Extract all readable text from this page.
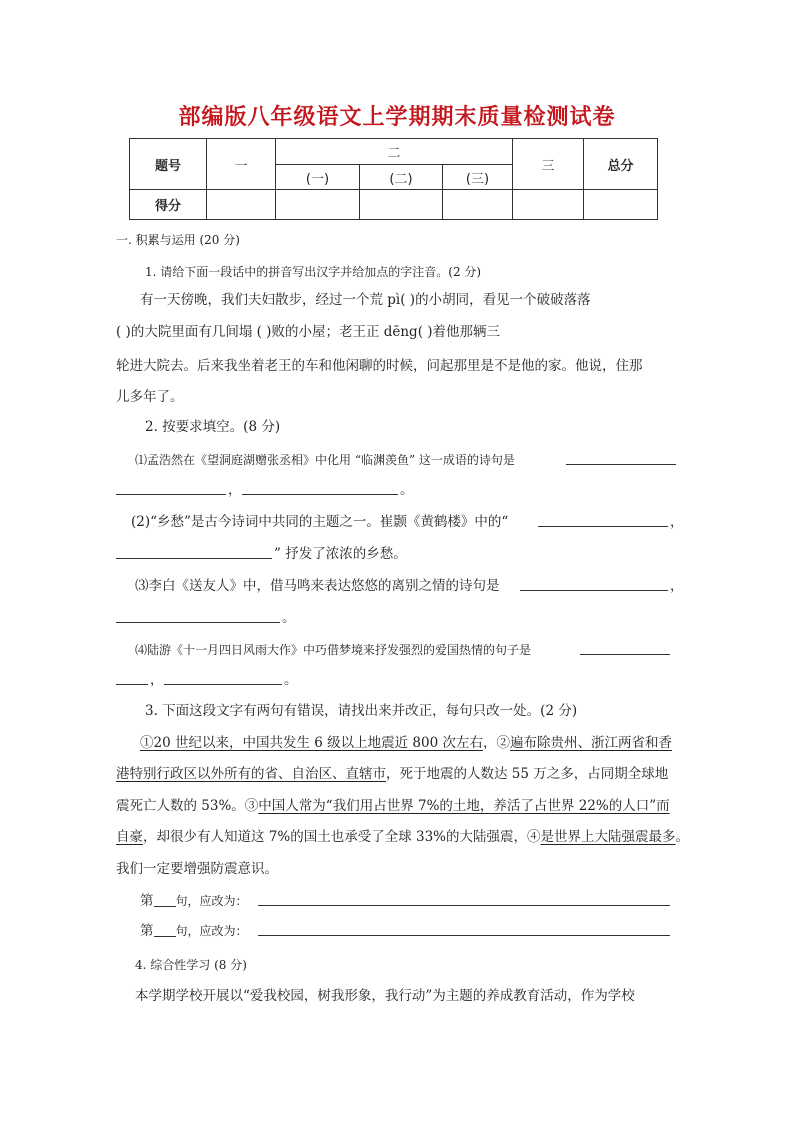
部编版八年级语文上学期期末质量检测试卷
题号	一	二			三	总分
		(一)	(二)	(三)		
得分						
一. 积累与运用 (20 分)
1. 请给下面一段话中的拼音写出汉字并给加点的字注音。(2 分)
有一天傍晚，我们夫妇散步，经过一个荒 pì( )的小胡同，看见一个破破落落
( )的大院里面有几间塌 ( )败的小屋；老王正 dēng( )着他那辆三
轮进大院去。后来我坐着老王的车和他闲聊的时候，问起那里是不是他的家。他说，住那
儿多年了。
2. 按要求填空。(8 分)
⑴孟浩然在《望洞庭湖赠张丞相》中化用 “临渊羡鱼” 这一成语的诗句是
，	。
(2)“乡愁”是古今诗词中共同的主题之一。崔颢《黄鹤楼》中的“	，
” 抒发了浓浓的乡愁。
⑶李白《送友人》中，借马鸣来表达悠悠的离别之情的诗句是	，
。
⑷陆游《十一月四日风雨大作》中巧借梦境来抒发强烈的爱国热情的句子是
，	。
3. 下面这段文字有两句有错误，请找出来并改正，每句只改一处。(2 分)
①20 世纪以来，中国共发生 6 级以上地震近 800 次左右，②遍布除贵州、浙江两省和香
港特别行政区以外所有的省、自治区、直辖市，死于地震的人数达 55 万之多，占同期全球地
震死亡人数的 53%。③中国人常为“我们用占世界 7%的土地，养活了占世界 22%的人口”而
自豪，却很少有人知道这 7%的国土也承受了全球 33%的大陆强震，④是世界上大陆强震最多。
我们一定要增强防震意识。
第 句，应改为：
第 句，应改为：
4. 综合性学习 (8 分)
本学期学校开展以“爱我校园，树我形象，我行动”为主题的养成教育活动，作为学校
